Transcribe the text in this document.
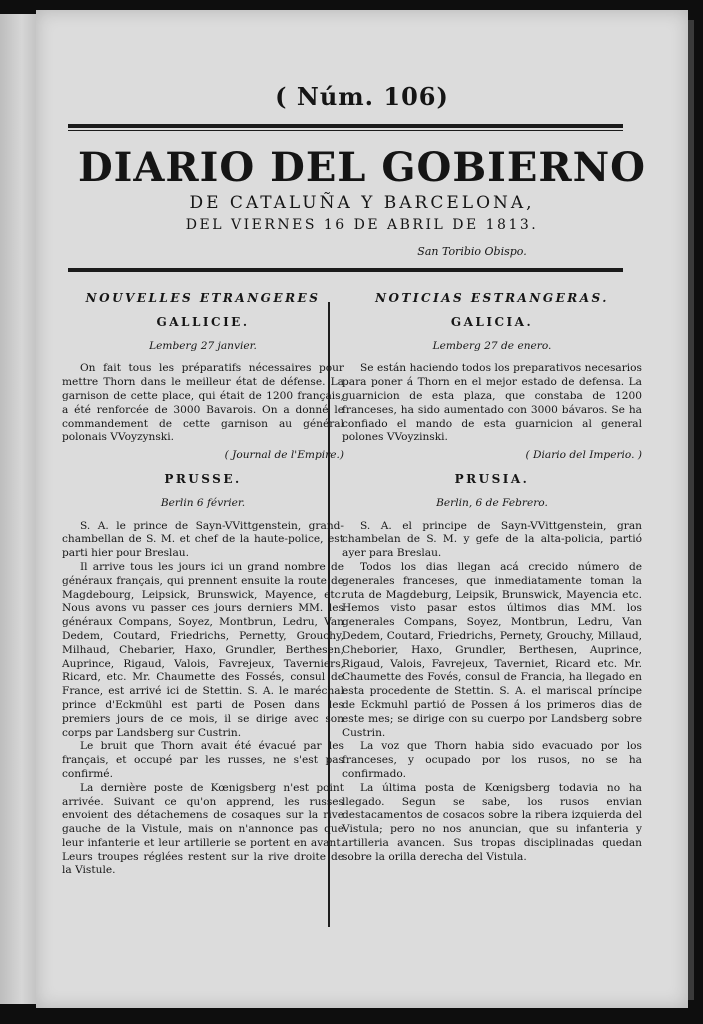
( Núm. 106)
DIARIO DEL GOBIERNO
DE CATALUÑA Y BARCELONA,
DEL VIERNES 16 DE ABRIL DE 1813.
San Toribio Obispo.
NOUVELLES ETRANGERES
GALLICIE.
Lemberg 27 janvier.
On fait tous les préparatifs nécessaires pour mettre Thorn dans le meilleur état de défense. La garnison de cette place, qui était de 1200 français, a été renforcée de 3000 Bavarois. On a donné le commandement de cette garnison au général polonais VVoyzynski.
( Journal de l'Empire.)
PRUSSE.
Berlin 6 février.
S. A. le prince de Sayn-VVittgenstein, grand-chambellan de S. M. et chef de la haute-police, est parti hier pour Breslau.
Il arrive tous les jours ici un grand nombre de généraux français, qui prennent ensuite la route de Magdebourg, Leipsick, Brunswick, Mayence, etc. Nous avons vu passer ces jours derniers MM. les généraux Compans, Soyez, Montbrun, Ledru, Van Dedem, Coutard, Friedrichs, Pernetty, Grouchy, Milhaud, Chebarier, Haxo, Grundler, Berthesen, Auprince, Rigaud, Valois, Favrejeux, Taverniers, Ricard, etc. Mr. Chaumette des Fossés, consul de France, est arrivé ici de Stettin. S. A. le maréchal prince d'Eckmühl est parti de Posen dans les premiers jours de ce mois, il se dirige avec son corps par Landsberg sur Custrin.
Le bruit que Thorn avait été évacué par les français, et occupé par les russes, ne s'est pas confirmé.
La dernière poste de Kœnigsberg n'est point arrivée. Suivant ce qu'on apprend, les russes envoient des détachemens de cosaques sur la rive gauche de la Vistule, mais on n'annonce pas que leur infanterie et leur artillerie se portent en avant. Leurs troupes réglées restent sur la rive droite de la Vistule.
NOTICIAS ESTRANGERAS.
GALICIA.
Lemberg 27 de enero.
Se están haciendo todos los preparativos necesarios para poner á Thorn en el mejor estado de defensa. La guarnicion de esta plaza, que constaba de 1200 franceses, ha sido aumentado con 3000 bávaros. Se ha confiado el mando de esta guarnicion al general polones VVoyzinski.
( Diario del Imperio. )
PRUSIA.
Berlin, 6 de Febrero.
S. A. el principe de Sayn-VVittgenstein, gran chambelan de S. M. y gefe de la alta-policia, partió ayer para Breslau.
Todos los dias llegan acá crecido número de generales franceses, que inmediatamente toman la ruta de Magdeburg, Leipsik, Brunswick, Mayencia etc. Hemos visto pasar estos últimos dias MM. los generales Compans, Soyez, Montbrun, Ledru, Van Dedem, Coutard, Friedrichs, Pernety, Grouchy, Millaud, Cheborier, Haxo, Grundler, Berthesen, Auprince, Rigaud, Valois, Favrejeux, Taverniet, Ricard etc. Mr. Chaumette des Fovés, consul de Francia, ha llegado en esta procedente de Stettin. S. A. el mariscal príncipe de Eckmuhl partió de Possen á los primeros dias de este mes; se dirige con su cuerpo por Landsberg sobre Custrin.
La voz que Thorn habia sido evacuado por los franceses, y ocupado por los rusos, no se ha confirmado.
La última posta de Kœnigsberg todavia no ha llegado. Segun se sabe, los rusos envian destacamentos de cosacos sobre la ribera izquierda del Vistula; pero no nos anuncian, que su infanteria y artilleria avancen. Sus tropas disciplinadas quedan sobre la orilla derecha del Vistula.
